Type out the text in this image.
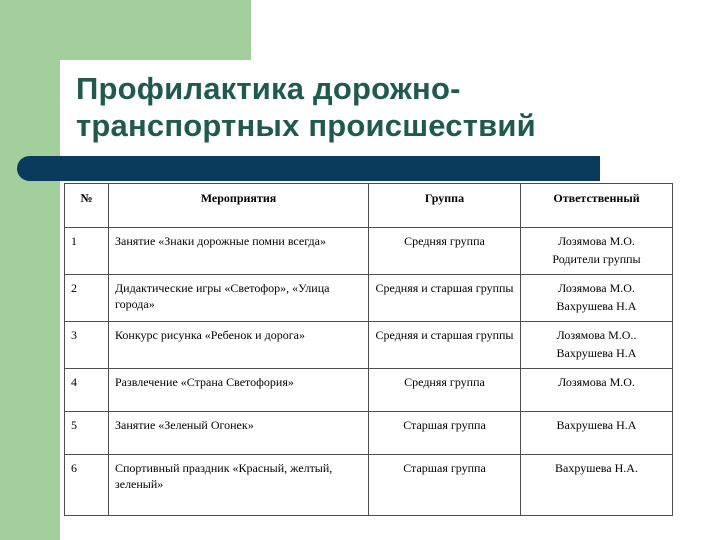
Профилактика дорожно-
транспортных происшествий
№	Мероприятия	Группа	Ответственный
1	Занятие «Знаки дорожные помни всегда»	Средняя группа	Лозямова М.О.
Родители группы

2	Дидактические игры «Светофор», «Улица города»	Средняя и старшая группы	Лозямова М.О.
Вахрушева Н.А

3	Конкурс рисунка «Ребенок и дорога»	Средняя и старшая группы	Лозямова М.О..
Вахрушева Н.А

4	Развлечение «Страна Светофория»	Средняя группа	Лозямова М.О.

5	Занятие «Зеленый Огонек»	Старшая группа	Вахрушева Н.А

6	Спортивный праздник «Красный, желтый, зеленый»	Старшая группа	Вахрушева Н.А.
